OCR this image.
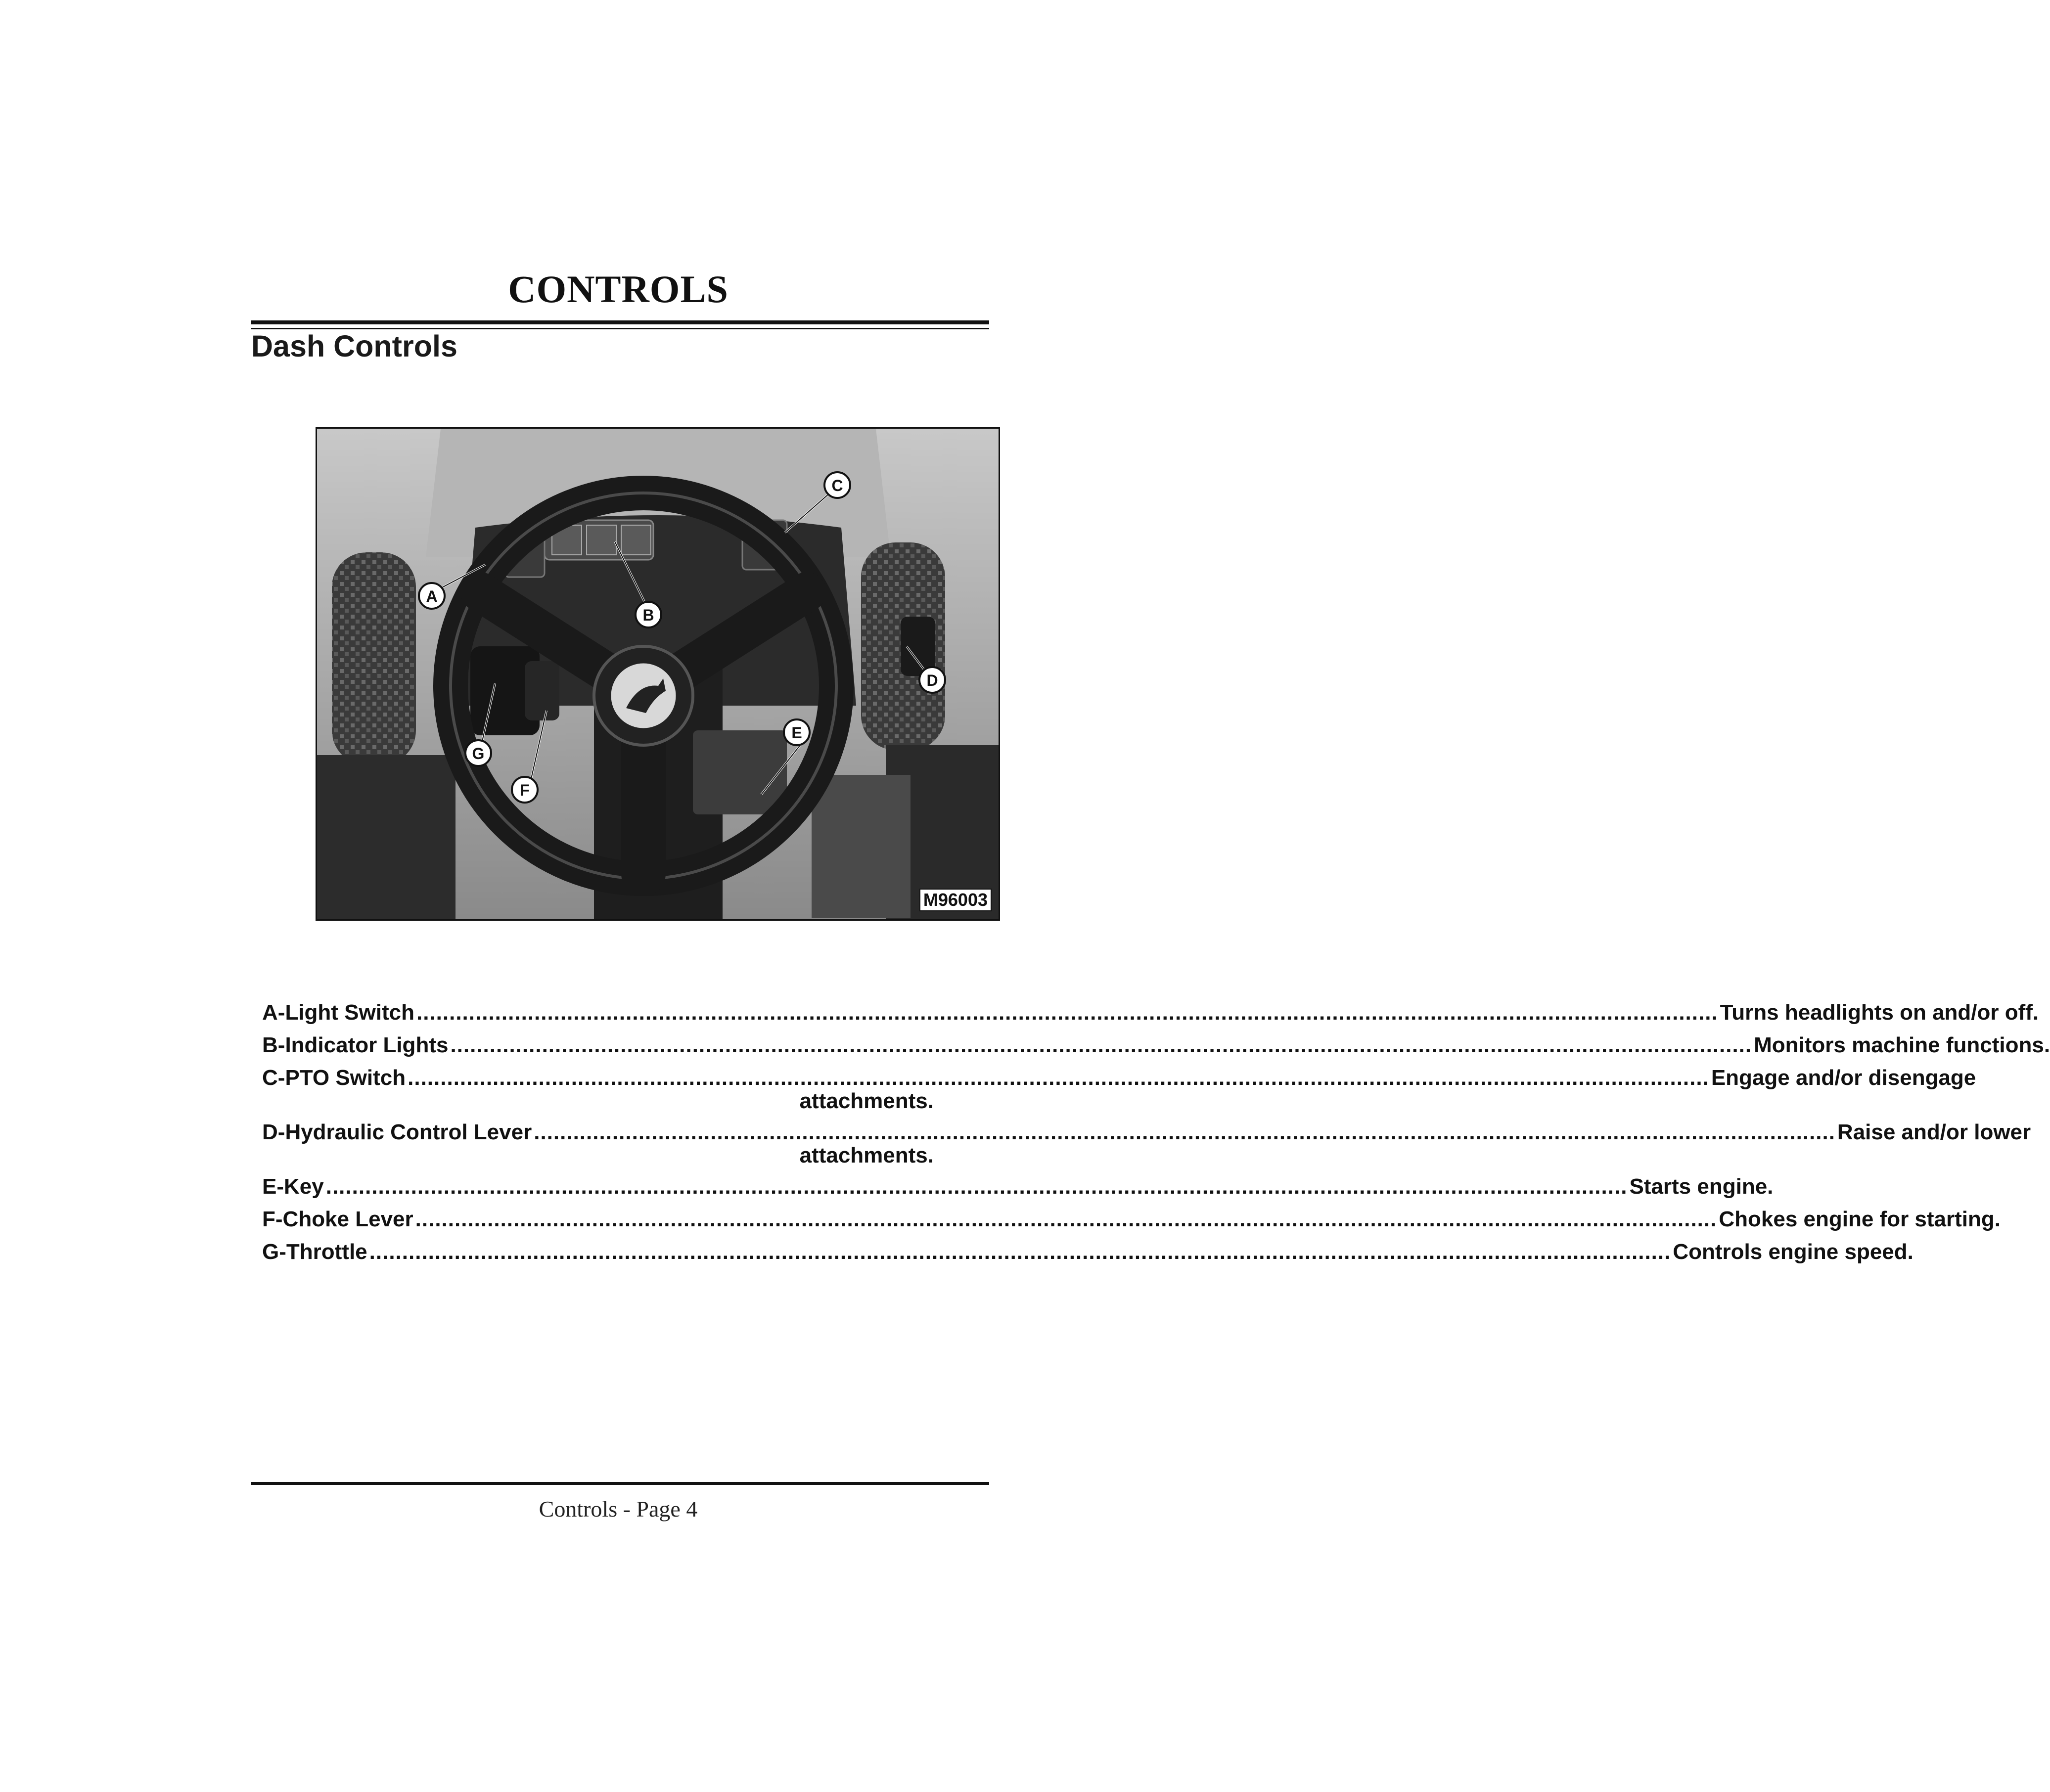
CONTROLS
Dash Controls
A
B
C
D
E
F
G
M96003
A - Light Switch .....	Turns headlights on and/or off.
B - Indicator Lights .....	Monitors machine functions.
C - PTO Switch .....	Engage and/or disengage
attachments.
D - Hydraulic Control Lever .....	Raise and/or lower
attachments.
E - Key .....	Starts engine.
F - Choke Lever .....	Chokes engine for starting.
G - Throttle .....	Controls engine speed.
Controls - Page 4
